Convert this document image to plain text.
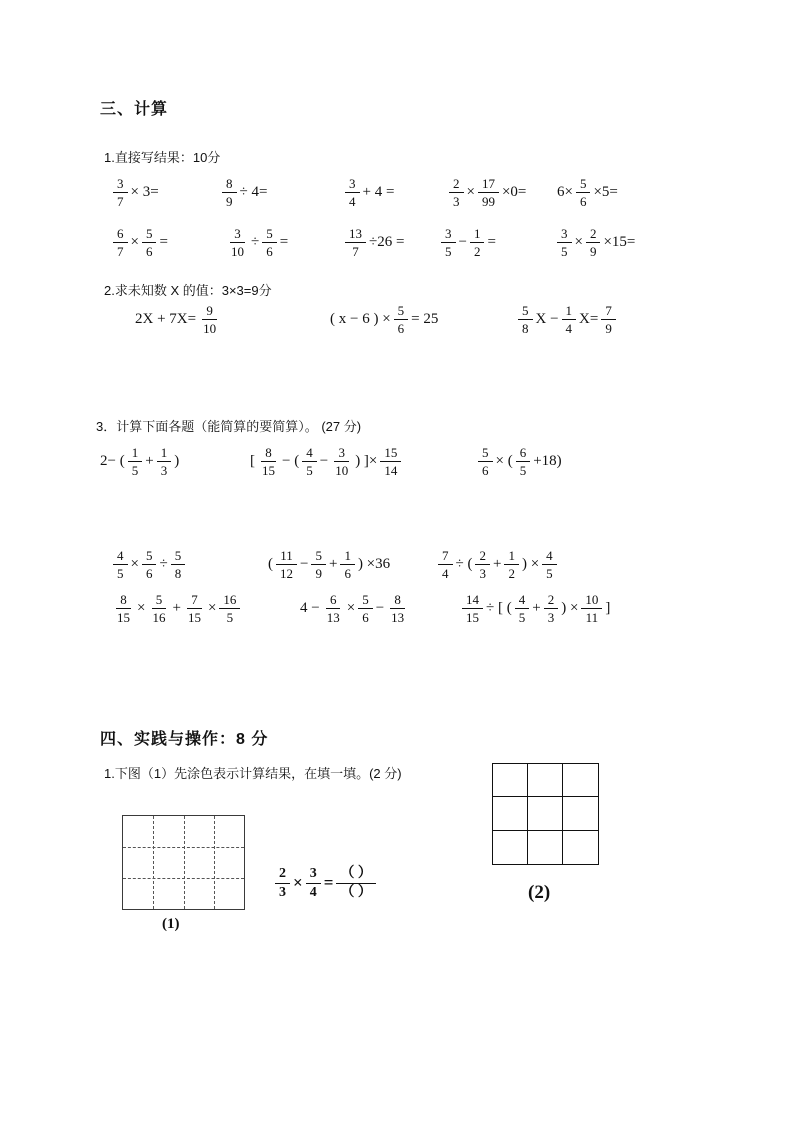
三、计算
1.直接写结果：10分
$\frac{3}{7} \times 3=$	$\frac{8}{9} \div 4=$	$\frac{3}{4} + 4$ =	$\frac{2}{3} \times \frac{17}{99} \times 0= 6\times \frac{5}{6} \times 5=$
$\frac{6}{7} \times \frac{5}{6}$ =	$\frac{3}{10} \div \frac{5}{6}$ =	$\frac{13}{7} \div 26$ =	$\frac{3}{5} - \frac{1}{2}$ =	$\frac{3}{5} \times \frac{2}{9} \times 15=$
2.求未知数 X 的值：3×3=9分
$2X + 7X= \frac{9}{10}$	( x − 6 ) × $\frac{5}{6} = 25$	$\frac{5}{8}$ $X - \frac{1}{4} X= \frac{7}{9}$
3．计算下面各题（能简算的要简算）。 (27 分)
2− ( $\frac{1}{5} + \frac{1}{3}$ )	[ $\frac{8}{15}$ − ( $\frac{4}{5} - \frac{3}{10}$ ) ]× $\frac{15}{14}$	$\frac{5}{6}$ × ( $\frac{6}{5} +18$)
$\frac{4}{5} \times \frac{5}{6} \div \frac{5}{8}$	( $\frac{11}{12} - \frac{5}{9} + \frac{1}{6}$ ) ×36	$\frac{7}{4}$ ÷ ( $\frac{2}{3} + \frac{1}{2}$ ) × $\frac{4}{5}$
$\frac{8}{15} \times \frac{5}{16} + \frac{7}{15} \times \frac{16}{5}$	$4 - \frac{6}{13} \times \frac{5}{6} - \frac{8}{13}$	$\frac{14}{15}$ ÷ [ ( $\frac{4}{5} + \frac{2}{3}$ ) × $\frac{10}{11}$ ]
四、实践与操作：8 分
1.下图（1）先涂色表示计算结果，在填一填。(2 分)
(1)
$\frac{2}{3} \times \frac{3}{4} = \frac{( )}{( )}$	(2)
